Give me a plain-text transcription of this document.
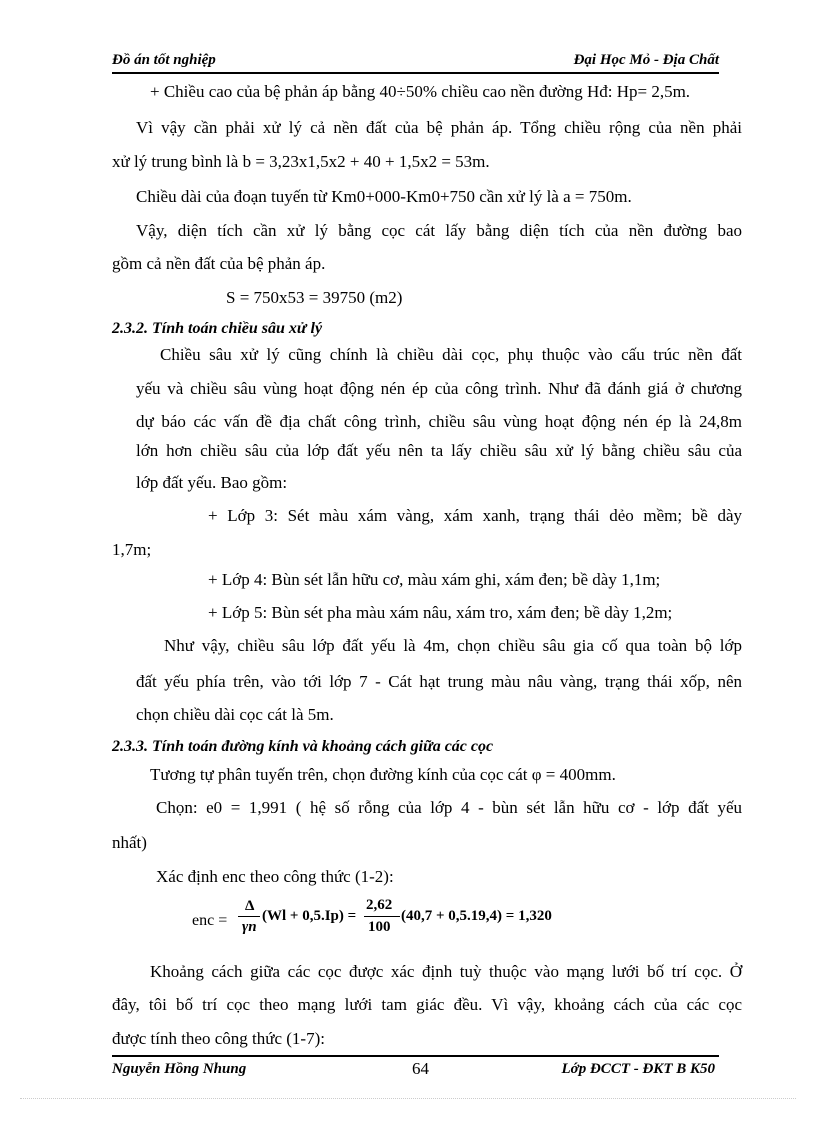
Đồ án tốt nghiệp	Đại Học Mỏ - Địa Chất
+ Chiều cao của bệ phản áp bằng 40÷50% chiều cao nền đường Hđ: Hp= 2,5m.
Vì vậy cần phải xử lý cả nền đất của bệ phản áp. Tổng chiều rộng của nền phải
xử lý trung bình là b = 3,23x1,5x2 + 40 + 1,5x2 = 53m.
Chiều dài của đoạn tuyến từ Km0+000-Km0+750 cần xử lý là a = 750m.
Vậy, diện tích cần xử lý bằng cọc cát lấy bằng diện tích của nền đường bao
gồm cả nền đất của bệ phản áp.
S = 750x53 = 39750 (m2)
2.3.2. Tính toán chiều sâu xử lý
Chiều sâu xử lý cũng chính là chiều dài cọc, phụ thuộc vào cấu trúc nền đất
yếu và chiều sâu vùng hoạt động nén ép của công trình. Như đã đánh giá ở chương
dự báo các vấn đề địa chất công trình, chiều sâu vùng hoạt động nén ép là 24,8m
lớn hơn chiều sâu của lớp đất yếu nên ta lấy chiều sâu xử lý bằng chiều sâu của
lớp đất yếu. Bao gồm:
+ Lớp 3: Sét màu xám vàng, xám xanh, trạng thái dẻo mềm; bề dày
1,7m;
+ Lớp 4: Bùn sét lẫn hữu cơ, màu xám ghi, xám đen; bề dày 1,1m;
+ Lớp 5: Bùn sét pha màu xám nâu, xám tro, xám đen; bề dày 1,2m;
Như vậy, chiều sâu lớp đất yếu là 4m, chọn chiều sâu gia cố qua toàn bộ lớp
đất yếu phía trên, vào tới lớp 7 - Cát hạt trung màu nâu vàng, trạng thái xốp, nên
chọn chiều dài cọc cát là 5m.
2.3.3. Tính toán đường kính và khoảng cách giữa các cọc
Tương tự phân tuyến trên, chọn đường kính của cọc cát φ = 400mm.
Chọn: e0 = 1,991 ( hệ số rỗng của lớp 4 - bùn sét lẫn hữu cơ - lớp đất yếu
nhất)
Xác định enc theo công thức (1-2):
enc =
Δ
γn
(Wl + 0,5.Ip) =
2,62
100
(40,7 + 0,5.19,4) = 1,320
Khoảng cách giữa các cọc được xác định tuỳ thuộc vào mạng lưới bố trí cọc. Ở
đây, tôi bố trí cọc theo mạng lưới tam giác đều. Vì vậy, khoảng cách của các cọc
được tính theo công thức (1-7):
Nguyễn Hồng Nhung	64	Lớp ĐCCT - ĐKT B K50
